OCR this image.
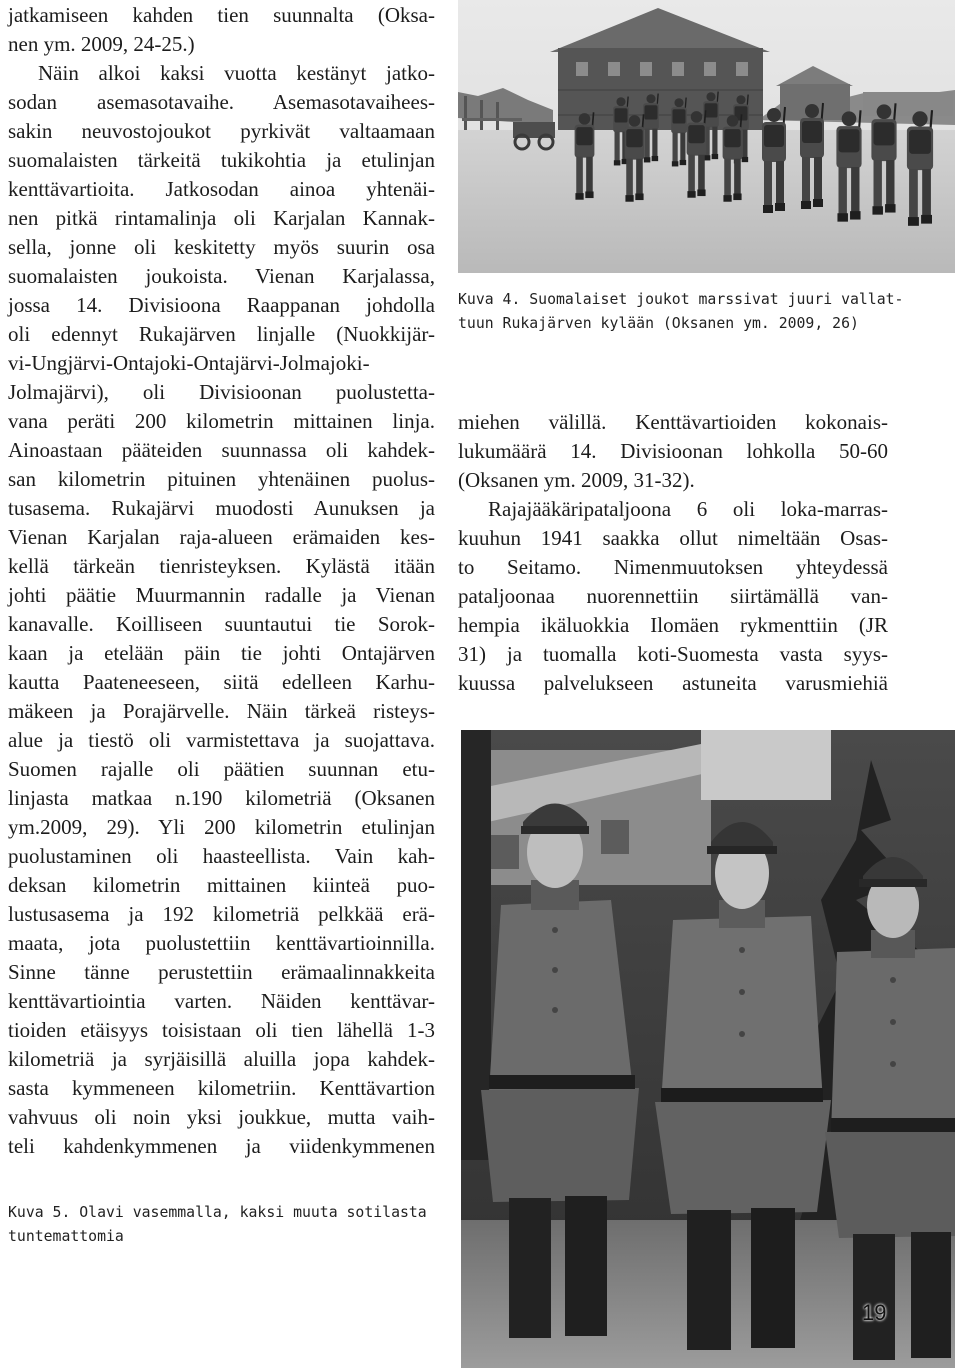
jatkamiseen kahden tien suunnalta (Oksa-
nen ym. 2009, 24-25.)
Näin alkoi kaksi vuotta kestänyt jatko-
sodan asemasotavaihe. Asemasotavaihees-
sakin neuvostojoukot pyrkivät valtaamaan
suomalaisten tärkeitä tukikohtia ja etulinjan
kenttävartioita. Jatkosodan ainoa yhtenäi-
nen pitkä rintamalinja oli Karjalan Kannak-
sella, jonne oli keskitetty myös suurin osa
suomalaisten joukoista. Vienan Karjalassa,
jossa 14. Divisioona Raappanan johdolla
oli edennyt Rukajärven linjalle (Nuokkijär-
vi-Ungjärvi-Ontajoki-Ontajärvi-Jolmajoki-
Jolmajärvi), oli Divisioonan puolustetta-
vana peräti 200 kilometrin mittainen linja.
Ainoastaan pääteiden suunnassa oli kahdek-
san kilometrin pituinen yhtenäinen puolus-
tusasema. Rukajärvi muodosti Aunuksen ja
Vienan Karjalan raja-alueen erämaiden kes-
kellä tärkeän tienristeyksen. Kylästä itään
johti päätie Muurmannin radalle ja Vienan
kanavalle. Koilliseen suuntautui tie Sorok-
kaan ja etelään päin tie johti Ontajärven
kautta Paateneeseen, siitä edelleen Karhu-
mäkeen ja Porajärvelle. Näin tärkeä risteys-
alue ja tiestö oli varmistettava ja suojattava.
Suomen rajalle oli päätien suunnan etu-
linjasta matkaa n.190 kilometriä (Oksanen
ym.2009, 29). Yli 200 kilometrin etulinjan
puolustaminen oli haasteellista. Vain kah-
deksan kilometrin mittainen kiinteä puo-
lustusasema ja 192 kilometriä pelkkää erä-
maata, jota puolustettiin kenttävartioinnilla.
Sinne tänne perustettiin erämaalinnakkeita
kenttävartiointia varten. Näiden kenttävar-
tioiden etäisyys toisistaan oli tien lähellä 1-3
kilometriä ja syrjäisillä aluilla jopa kahdek-
sasta kymmeneen kilometriin. Kenttävartion
vahvuus oli noin yksi joukkue, mutta vaih-
teli kahdenkymmenen ja viidenkymmenen
Kuva 4. Suomalaiset joukot marssivat juuri vallat-
tuun Rukajärven kylään (Oksanen ym. 2009, 26)
miehen välillä. Kenttävartioiden kokonais-
lukumäärä 14. Divisioonan lohkolla 50-60
(Oksanen ym. 2009, 31-32).
Rajajääkäripataljoona 6 oli loka-marras-
kuuhun 1941 saakka ollut nimeltään Osas-
to Seitamo. Nimenmuutoksen yhteydessä
pataljoonaa nuorennettiin siirtämällä van-
hempia ikäluokkia Ilomäen rykmenttiin (JR
31) ja tuomalla koti-Suomesta vasta syys-
kuussa palvelukseen astuneita varusmiehiä
Kuva 5. Olavi vasemmalla, kaksi muuta sotilasta
tuntemattomia
19
